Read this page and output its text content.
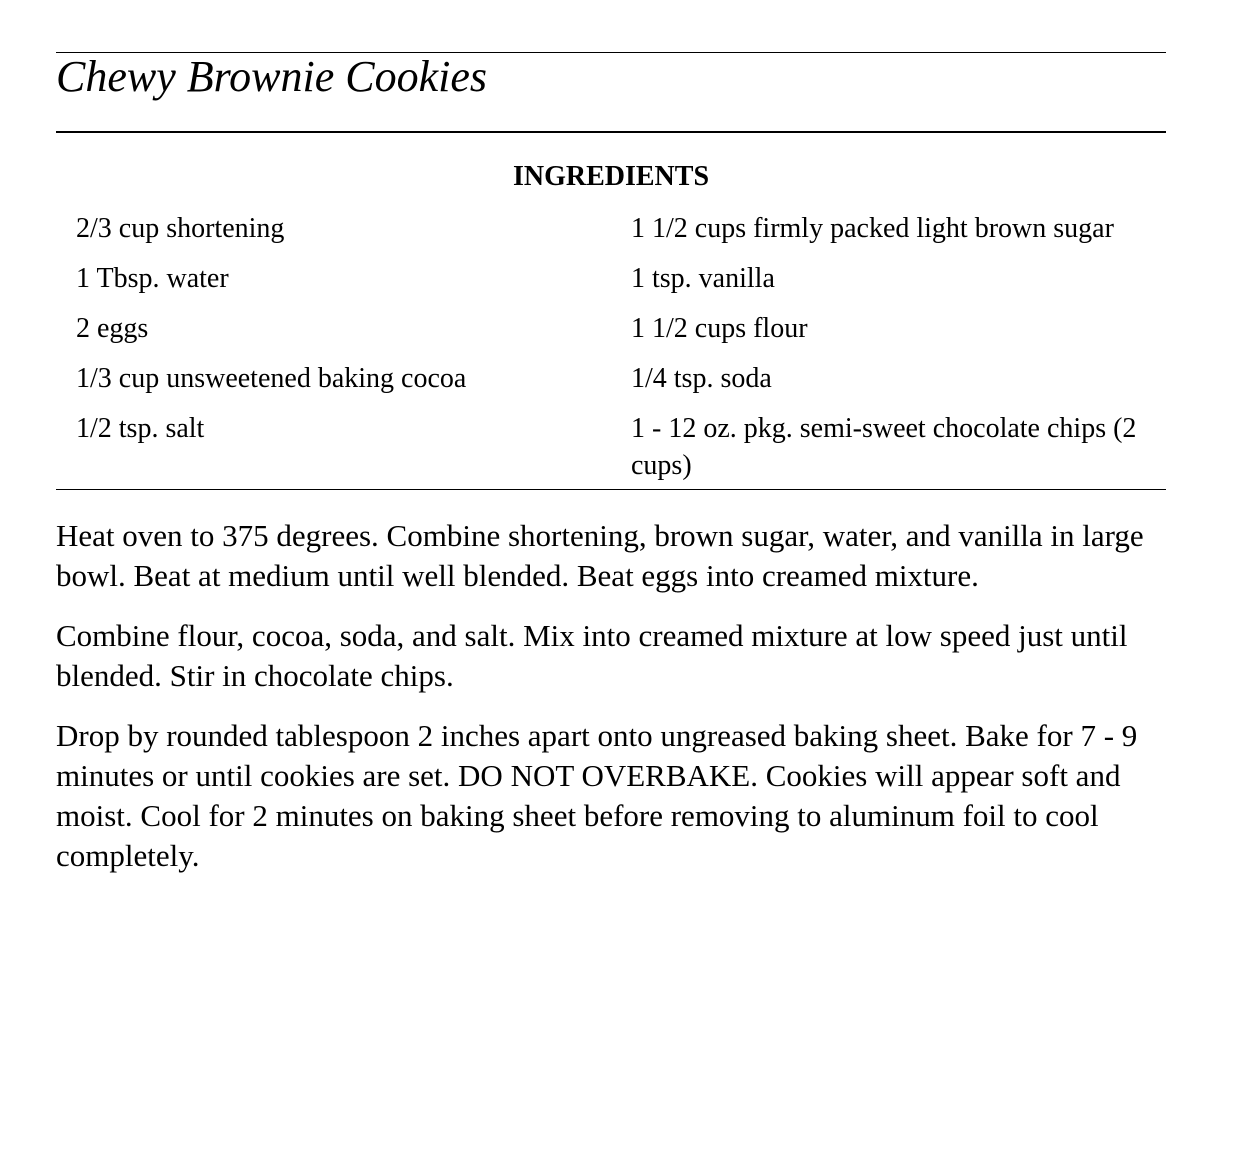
Chewy Brownie Cookies
INGREDIENTS
2/3 cup shortening
1 Tbsp. water
2 eggs
1/3 cup unsweetened baking cocoa
1/2 tsp. salt
1 1/2 cups firmly packed light brown sugar
1 tsp. vanilla
1 1/2 cups flour
1/4 tsp. soda
1 - 12 oz. pkg. semi-sweet chocolate chips (2 cups)

Heat oven to 375 degrees. Combine shortening, brown sugar, water, and vanilla in large bowl. Beat at medium until well blended. Beat eggs into creamed mixture.

Combine flour, cocoa, soda, and salt. Mix into creamed mixture at low speed just until blended. Stir in chocolate chips.

Drop by rounded tablespoon 2 inches apart onto ungreased baking sheet. Bake for 7 - 9 minutes or until cookies are set. DO NOT OVERBAKE. Cookies will appear soft and moist. Cool for 2 minutes on baking sheet before removing to aluminum foil to cool completely.
